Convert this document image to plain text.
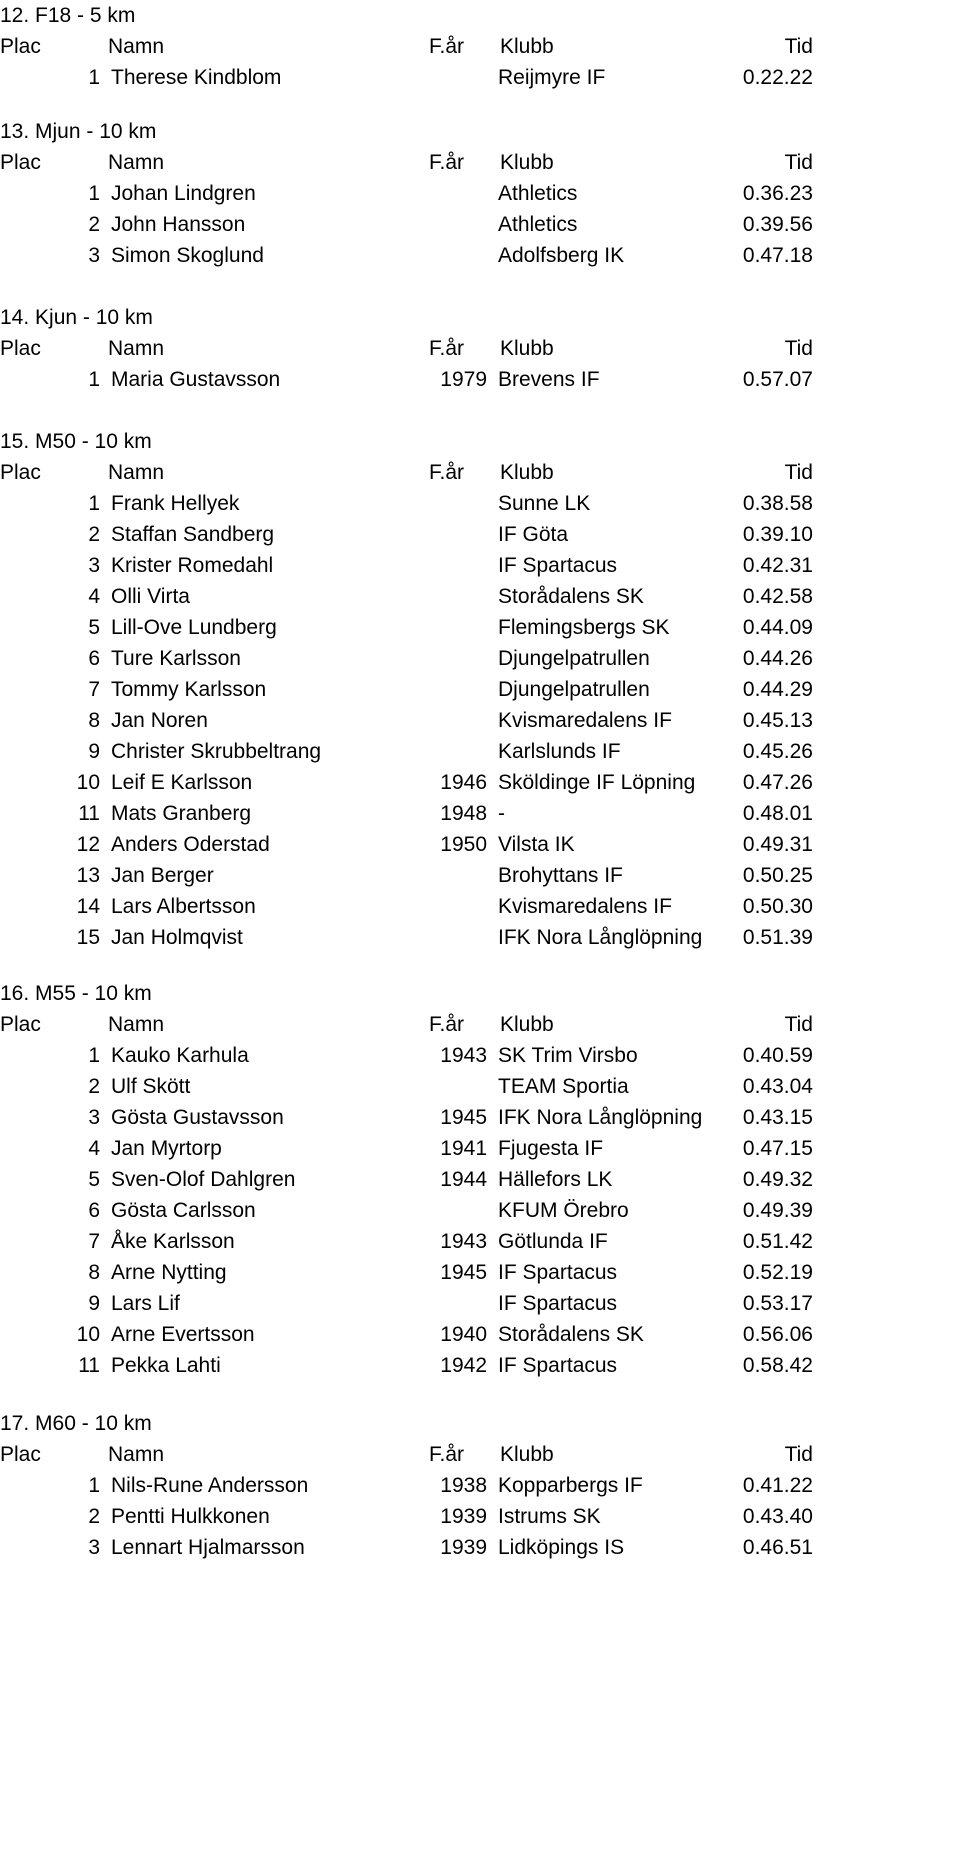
12. F18 - 5 km
Plac	Namn	F.år Klubb	Tid
1 Therese Kindblom	Reijmyre IF	0.22.22
13. Mjun - 10 km
Plac	Namn	F.år Klubb	Tid
1 Johan Lindgren	Athletics	0.36.23
2 John Hansson	Athletics	0.39.56
3 Simon Skoglund	Adolfsberg IK	0.47.18
14. Kjun - 10 km
Plac	Namn	F.år Klubb	Tid
1 Maria Gustavsson	1979 Brevens IF	0.57.07
15. M50 - 10 km
Plac	Namn	F.år Klubb	Tid
1 Frank Hellyek	Sunne LK	0.38.58
2 Staffan Sandberg	IF Göta	0.39.10
3 Krister Romedahl	IF Spartacus	0.42.31
4 Olli Virta	Storådalens SK	0.42.58
5 Lill-Ove Lundberg	Flemingsbergs SK	0.44.09
6 Ture Karlsson	Djungelpatrullen	0.44.26
7 Tommy Karlsson	Djungelpatrullen	0.44.29
8 Jan Noren	Kvismaredalens IF	0.45.13
9 Christer Skrubbeltrang	Karlslunds IF	0.45.26
10 Leif E Karlsson	1946 Sköldinge IF Löpning	0.47.26
11 Mats Granberg	1948 -	0.48.01
12 Anders Oderstad	1950 Vilsta IK	0.49.31
13 Jan Berger	Brohyttans IF	0.50.25
14 Lars Albertsson	Kvismaredalens IF	0.50.30
15 Jan Holmqvist	IFK Nora Långlöpning	0.51.39
16. M55 - 10 km
Plac	Namn	F.år Klubb	Tid
1 Kauko Karhula	1943 SK Trim Virsbo	0.40.59
2 Ulf Skött	TEAM Sportia	0.43.04
3 Gösta Gustavsson	1945 IFK Nora Långlöpning	0.43.15
4 Jan Myrtorp	1941 Fjugesta IF	0.47.15
5 Sven-Olof Dahlgren	1944 Hällefors LK	0.49.32
6 Gösta Carlsson	KFUM Örebro	0.49.39
7 Åke Karlsson	1943 Götlunda IF	0.51.42
8 Arne Nytting	1945 IF Spartacus	0.52.19
9 Lars Lif	IF Spartacus	0.53.17
10 Arne Evertsson	1940 Storådalens SK	0.56.06
11 Pekka Lahti	1942 IF Spartacus	0.58.42
17. M60 - 10 km
Plac	Namn	F.år Klubb	Tid
1 Nils-Rune Andersson	1938 Kopparbergs IF	0.41.22
2 Pentti Hulkkonen	1939 Istrums SK	0.43.40
3 Lennart Hjalmarsson	1939 Lidköpings IS	0.46.51
